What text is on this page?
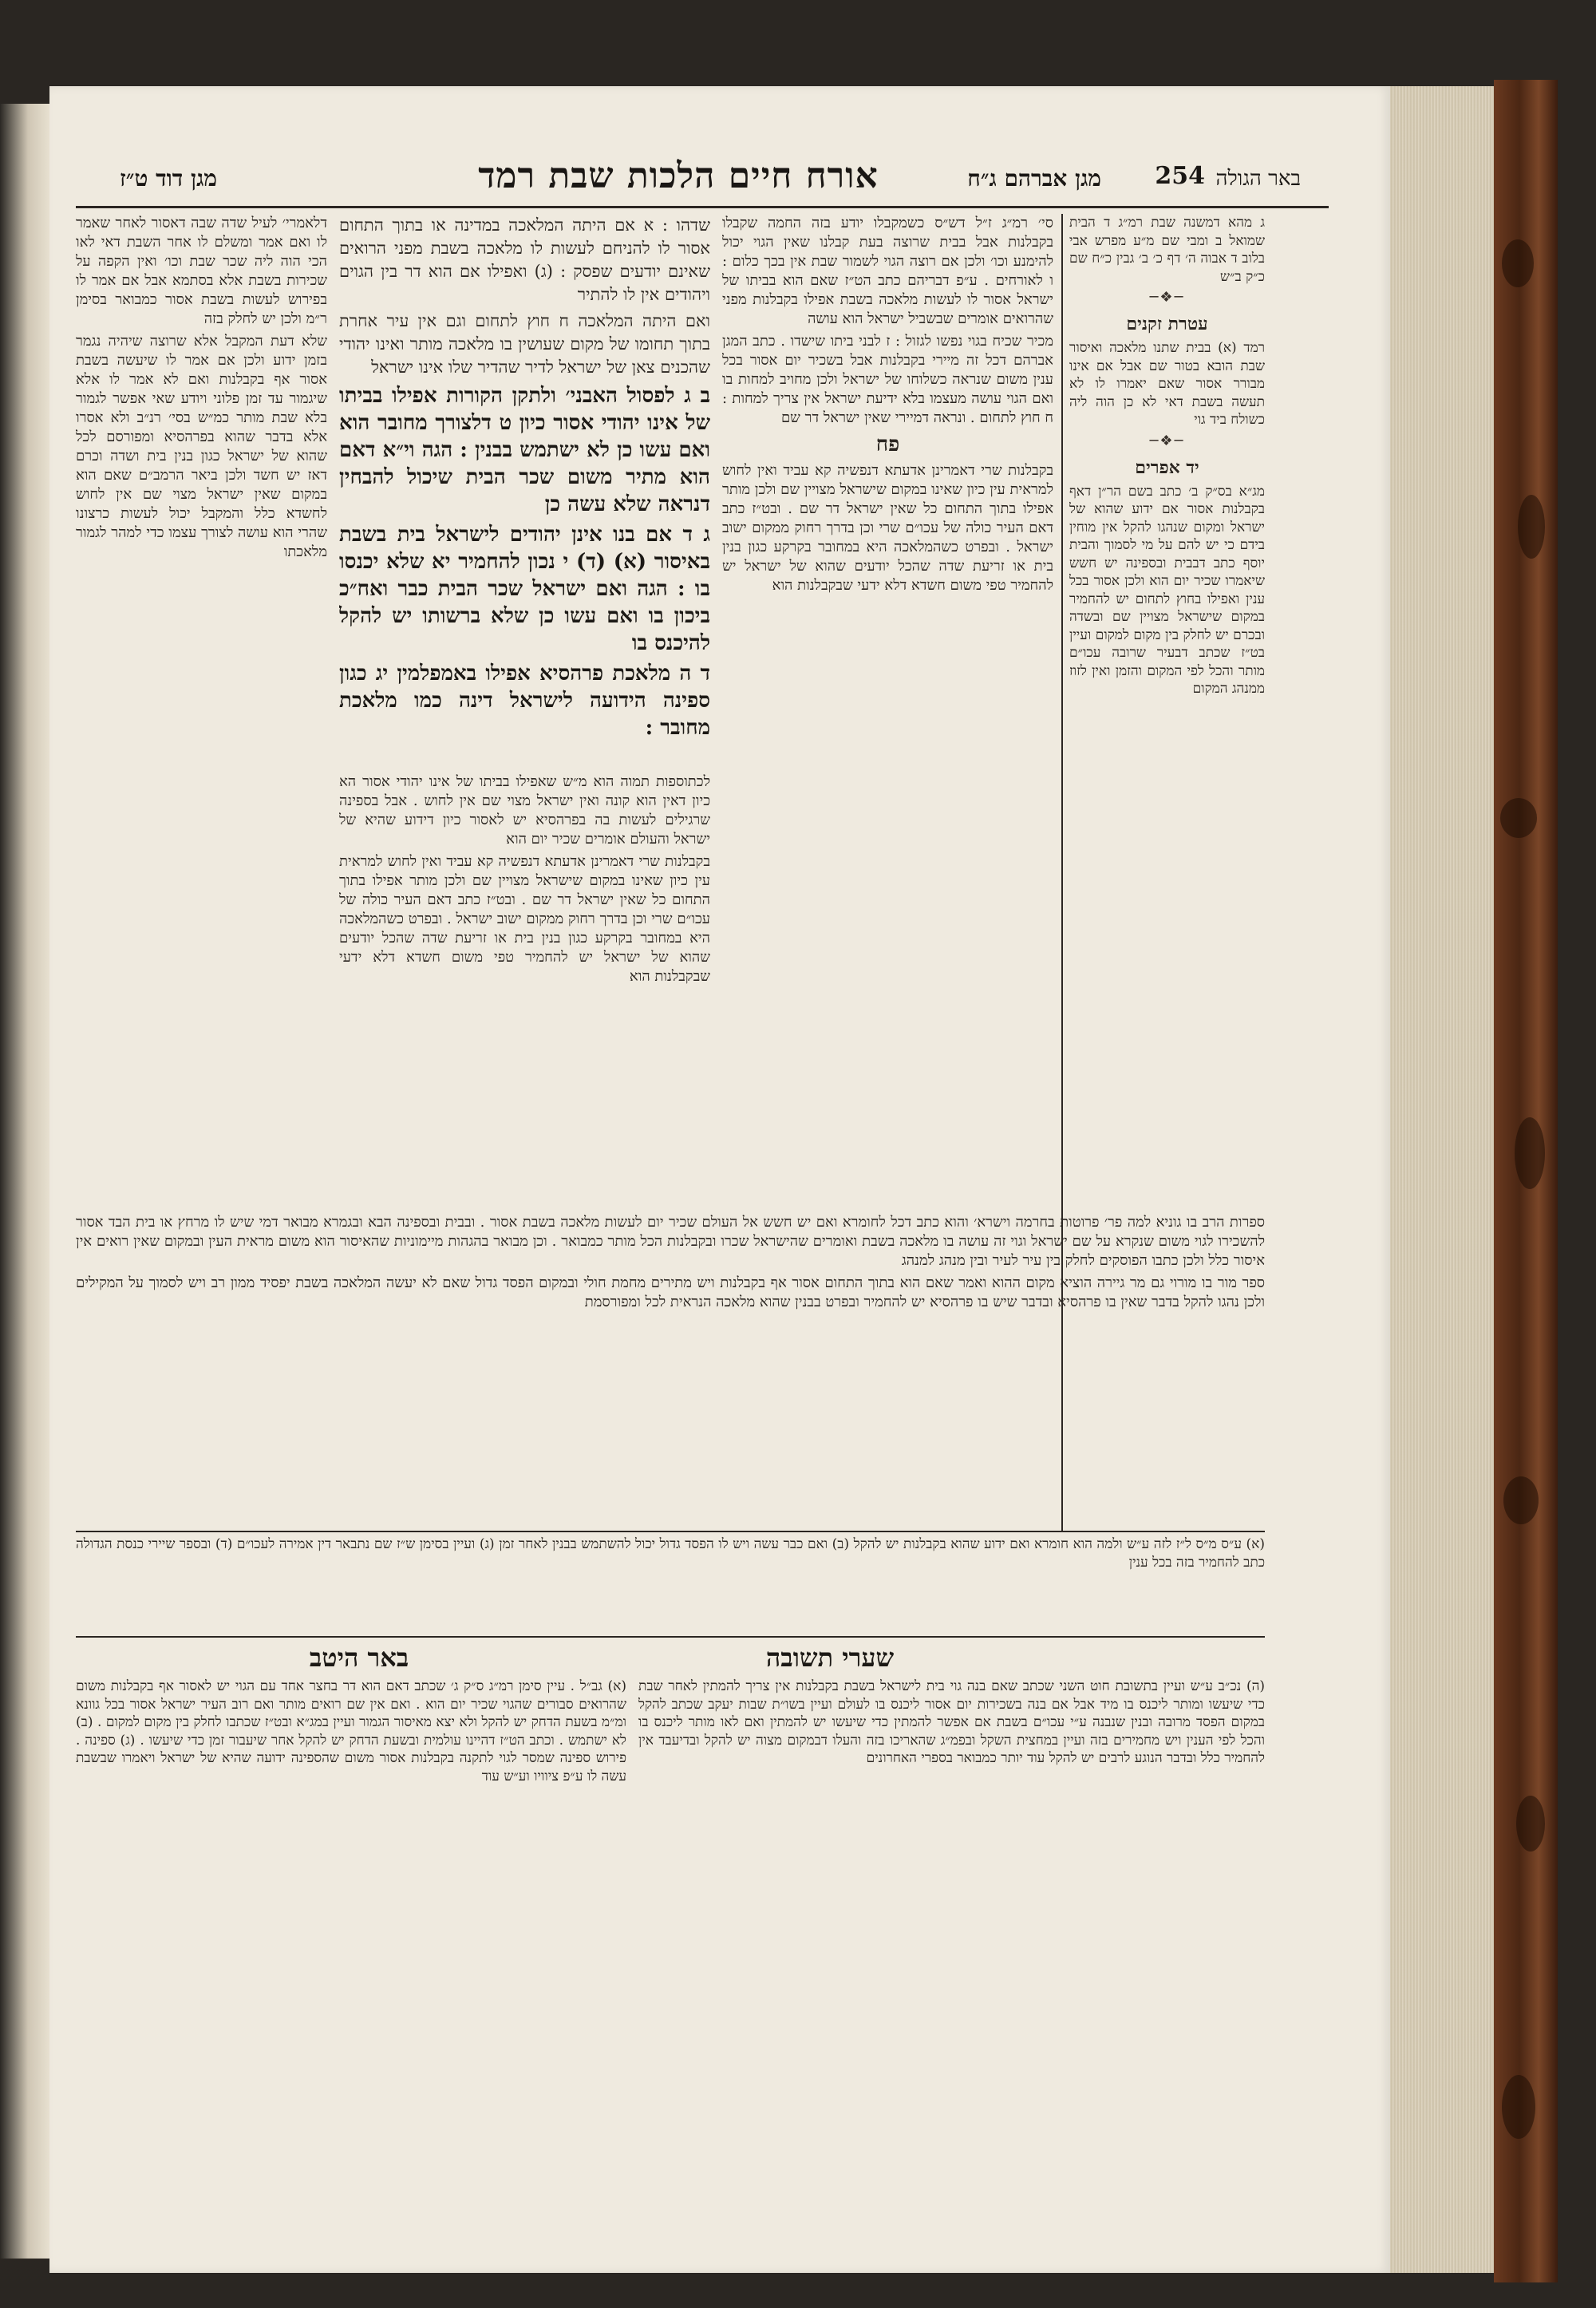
באר הגולה
254
מגן אברהם ג״ח
אורח חיים הלכות שבת רמד
מגן דוד ט״ז

ג מהא דמשנה שבת רמ״ג ד הבית שמואל ב ומבי שם מ״ע מפרש אבי בלוב ד אבוה ה׳ דף כ׳ ב׳ גבין כ״ח שם כ״ק ב״ש

─❖─
עטרת זקנים

רמד (א) בבית שתנו מלאכה ואיסור שבת הובא בטור שם אבל אם אינו מבורר אסור שאם יאמרו לו לא תעשה בשבת דאי לא כן הוה ליה כשולח ביד גוי

─❖─
יד אפרים

מג״א בס״ק ב׳ כתב בשם הר״ן דאף בקבלנות אסור אם ידוע שהוא של ישראל ומקום שנהגו להקל אין מוחין בידם כי יש להם על מי לסמוך והבית יוסף כתב דבבית ובספינה יש חשש שיאמרו שכיר יום הוא ולכן אסור בכל ענין ואפילו בחוץ לתחום יש להחמיר במקום שישראל מצויין שם ובשדה ובכרם יש לחלק בין מקום למקום ועיין בט״ז שכתב דבעיר שרובה עכו״ם מותר והכל לפי המקום והזמן ואין לזוז ממנהג המקום

סי׳ רמ״ג ז״ל דש״ס כשמקבלו יודע בזה החמה שקבלו בקבלנות אבל בבית שרוצה בעת קבלנו שאין הגוי יכול להימנע וכו׳ ולכן אם רוצה הגוי לשמור שבת אין בכך כלום : ו לאורחים . ע״פ דבריהם כתב הט״ז שאם הוא בביתו של ישראל אסור לו לעשות מלאכה בשבת אפילו בקבלנות מפני שהרואים אומרים שבשביל ישראל הוא עושה

מכיר שכיח בגוי נפשו לגזול : ז לבני ביתו שישדו . כתב המגן אברהם דכל זה מיירי בקבלנות אבל בשכיר יום אסור בכל ענין משום שנראה כשלוחו של ישראל ולכן מחויב למחות בו ואם הגוי עושה מעצמו בלא ידיעת ישראל אין צריך למחות : ח חוץ לתחום . ונראה דמיירי שאין ישראל דר שם

פח

בקבלנות שרי דאמרינן אדעתא דנפשיה קא עביד ואין לחוש למראית עין כיון שאינו במקום שישראל מצויין שם ולכן מותר אפילו בתוך התחום כל שאין ישראל דר שם . ובט״ז כתב דאם העיר כולה של עכו״ם שרי וכן בדרך רחוק ממקום ישוב ישראל . ובפרט כשהמלאכה היא במחובר בקרקע כגון בנין בית או זריעת שדה שהכל יודעים שהוא של ישראל יש להחמיר טפי משום חשדא דלא ידעי שבקבלנות הוא

שדהו : א אם היתה המלאכה במדינה או בתוך התחום אסור לו להניחם לעשות לו מלאכה בשבת מפני הרואים שאינם יודעים שפסק : (ג) ואפילו אם הוא דר בין הגוים ויהודים אין לו להתיר

ואם היתה המלאכה ח חוץ לתחום וגם אין עיר אחרת בתוך תחומו של מקום שעושין בו מלאכה מותר ואינו יהודי שהכנים צאן של ישראל לדיר שהדיר שלו אינו ישראל

ב ג לפסול האבני׳ ולתקן הקורות אפילו בביתו של אינו יהודי אסור כיון ט דלצורך מחובר הוא ואם עשו כן לא ישתמש בבנין : הגה וי״א דאם הוא מתיר משום שכר הבית שיכול להבחין דנראה שלא עשה כן

ג ד אם בנו אינן יהודים לישראל בית בשבת באיסור (א) (ד) י נכון להחמיר יא שלא יכנסו בו : הגה ואם ישראל שכר הבית כבר ואח״כ ביכון בו ואם עשו כן שלא ברשותו יש להקל להיכנס בו

ד ה מלאכת פרהסיא אפילו באמפלמין יג כגון ספינה הידועה לישראל דינה כמו מלאכת מחובר :

לכתוספות תמוה הוא מ״ש שאפילו בביתו של אינו יהודי אסור הא כיון דאין הוא קונה ואין ישראל מצוי שם אין לחוש . אבל בספינה שרגילים לעשות בה בפרהסיא יש לאסור כיון דידוע שהיא של ישראל והעולם אומרים שכיר יום הוא

בקבלנות שרי דאמרינן אדעתא דנפשיה קא עביד ואין לחוש למראית עין כיון שאינו במקום שישראל מצויין שם ולכן מותר אפילו בתוך התחום כל שאין ישראל דר שם . ובט״ז כתב דאם העיר כולה של עכו״ם שרי וכן בדרך רחוק ממקום ישוב ישראל . ובפרט כשהמלאכה היא במחובר בקרקע כגון בנין בית או זריעת שדה שהכל יודעים שהוא של ישראל יש להחמיר טפי משום חשדא דלא ידעי שבקבלנות הוא

דלאמרי׳ לעיל שדה שבה דאסור לאחר שאמר לו ואם אמר ומשלם לו אחר השבת דאי לאו הכי הוה ליה שכר שבת וכו׳ ואין הקפה על שכירות בשבת אלא בסתמא אבל אם אמר לו בפירוש לעשות בשבת אסור כמבואר בסימן ר״מ ולכן יש לחלק בזה

שלא דעת המקבל אלא שרוצה שיהיה נגמר בזמן ידוע ולכן אם אמר לו שיעשה בשבת אסור אף בקבלנות ואם לא אמר לו אלא שיגמור עד זמן פלוני ויודע שאי אפשר לגמור בלא שבת מותר כמ״ש בסי׳ רנ״ב ולא אסרו אלא בדבר שהוא בפרהסיא ומפורסם לכל שהוא של ישראל כגון בנין בית ושדה וכרם דאז יש חשד ולכן ביאר הרמב״ם שאם הוא במקום שאין ישראל מצוי שם אין לחוש לחשדא כלל והמקבל יכול לעשות כרצונו שהרי הוא עושה לצורך עצמו כדי למהר לגמור מלאכתו

ספרות הרב בו גוניא למה פר׳ פרוטות בחרמה וישרא׳ והוא כתב דכל לחומרא ואם יש חשש אל העולם שכיר יום לעשות מלאכה בשבת אסור . ובבית ובספינה הבא ובגמרא מבואר דמי שיש לו מרחץ או בית הבד אסור להשכירו לגוי משום שנקרא על שם ישראל וגוי זה עושה בו מלאכה בשבת ואומרים שהישראל שכרו ובקבלנות הכל מותר כמבואר . וכן מבואר בהגהות מיימוניות שהאיסור הוא משום מראית העין ובמקום שאין רואים אין איסור כלל ולכן כתבו הפוסקים לחלק בין עיר לעיר ובין מנהג למנהג

ספר מור בו מורוי גם מר גיירה הוציא מקום ההוא ואמר שאם הוא בתוך התחום אסור אף בקבלנות ויש מתירים מחמת חולי ובמקום הפסד גדול שאם לא יעשה המלאכה בשבת יפסיד ממון רב ויש לסמוך על המקילים ולכן נהגו להקל בדבר שאין בו פרהסיא ובדבר שיש בו פרהסיא יש להחמיר ובפרט בבנין שהוא מלאכה הנראית לכל ומפורסמת

(א) ע״ס מ״ס ל״ז לזה ע״ש ולמה הוא חומרא ואם ידוע שהוא בקבלנות יש להקל (ב) ואם כבר עשה ויש לו הפסד גדול יכול להשתמש בבנין לאחר זמן (ג) ועיין בסימן ש״ז שם נתבאר דין אמירה לעכו״ם (ד) ובספר שיירי כנסת הגדולה כתב להחמיר בזה בכל ענין

שערי תשובה
באר היטב

(ה) נכ״ב ע״ש ועיין בתשובת חוט השני שכתב שאם בנה גוי בית לישראל בשבת בקבלנות אין צריך להמתין לאחר שבת כדי שיעשו ומותר ליכנס בו מיד אבל אם בנה בשכירות יום אסור ליכנס בו לעולם ועיין בשו״ת שבות יעקב שכתב להקל במקום הפסד מרובה ובנין שנבנה ע״י עכו״ם בשבת אם אפשר להמתין כדי שיעשו יש להמתין ואם לאו מותר ליכנס בו והכל לפי הענין ויש מחמירים בזה ועיין במחצית השקל ובפמ״ג שהאריכו בזה והעלו דבמקום מצוה יש להקל ובדיעבד אין להחמיר כלל ובדבר הנוגע לרבים יש להקל עוד יותר כמבואר בספרי האחרונים

(א) גב״ל . עיין סימן רמ״ג ס״ק ג׳ שכתב דאם הוא דר בחצר אחד עם הגוי יש לאסור אף בקבלנות משום שהרואים סבורים שהגוי שכיר יום הוא . ואם אין שם רואים מותר ואם רוב העיר ישראל אסור בכל גוונא ומ״מ בשעת הדחק יש להקל ולא יצא מאיסור הגמור ועיין במג״א ובט״ז שכתבו לחלק בין מקום למקום . (ב) לא ישתמש . וכתב הט״ז דהיינו עולמית ובשעת הדחק יש להקל אחר שיעבור זמן כדי שיעשו . (ג) ספינה . פירוש ספינה שמסר לגוי לתקנה בקבלנות אסור משום שהספינה ידועה שהיא של ישראל ויאמרו שבשבת עשה לו ע״פ ציוויו וע״ש עוד
